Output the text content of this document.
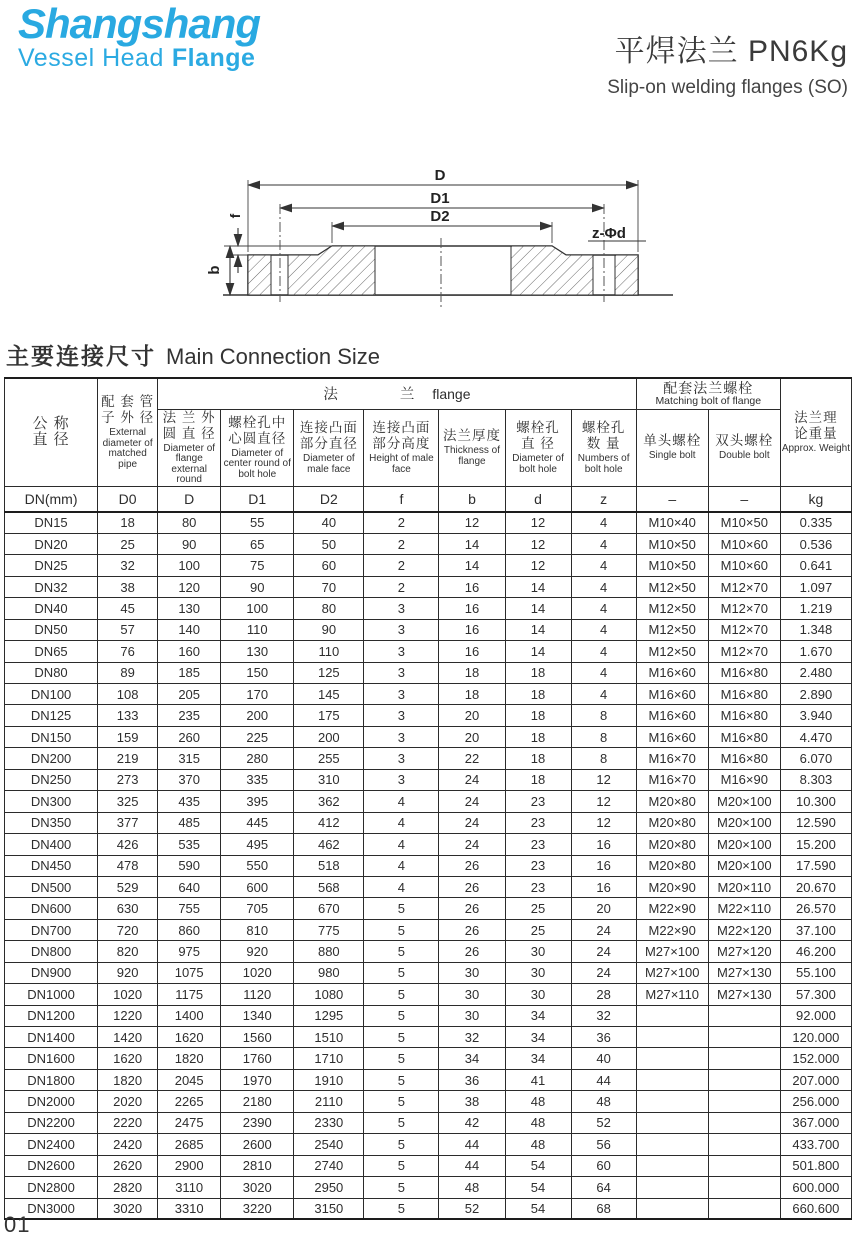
Shangshang
Vessel Head Flange	平焊法兰 PN6Kg
Slip-on welding flanges (SO)
D
D1
D2
f
b
z-Φd
主要连接尺寸 Main Connection Size
公 称
直 径

配 套 管
子 外 径
External diameter of matched pipe
	法	兰 flange	配套法兰螺栓
Matching bolt of flange

法兰理
论重量
Approx. Weight

法 兰 外
圆 直 径
Diameter of flange external round

螺栓孔中
心圆直径
Diameter of center round of bolt hole

连接凸面
部分直径
Diameter of male face

连接凸面
部分高度
Height of male face

法兰厚度
Thickness of flange

螺栓孔
直 径
Diameter of bolt hole

螺栓孔
数 量
Numbers of bolt hole

单头螺栓
Single bolt

双头螺栓
Double bolt

DN(mm)	D0	D	D1	D2	f	b	d	z	–	–	kg
DN15	18	80	55	40	2	12	12	4	M10×40	M10×50	0.335
DN20	25	90	65	50	2	14	12	4	M10×50	M10×60	0.536
DN25	32	100	75	60	2	14	12	4	M10×50	M10×60	0.641
DN32	38	120	90	70	2	16	14	4	M12×50	M12×70	1.097
DN40	45	130	100	80	3	16	14	4	M12×50	M12×70	1.219
DN50	57	140	110	90	3	16	14	4	M12×50	M12×70	1.348
DN65	76	160	130	110	3	16	14	4	M12×50	M12×70	1.670
DN80	89	185	150	125	3	18	18	4	M16×60	M16×80	2.480
DN100	108	205	170	145	3	18	18	4	M16×60	M16×80	2.890
DN125	133	235	200	175	3	20	18	8	M16×60	M16×80	3.940
DN150	159	260	225	200	3	20	18	8	M16×60	M16×80	4.470
DN200	219	315	280	255	3	22	18	8	M16×70	M16×80	6.070
DN250	273	370	335	310	3	24	18	12	M16×70	M16×90	8.303
DN300	325	435	395	362	4	24	23	12	M20×80	M20×100	10.300
DN350	377	485	445	412	4	24	23	12	M20×80	M20×100	12.590
DN400	426	535	495	462	4	24	23	16	M20×80	M20×100	15.200
DN450	478	590	550	518	4	26	23	16	M20×80	M20×100	17.590
DN500	529	640	600	568	4	26	23	16	M20×90	M20×110	20.670
DN600	630	755	705	670	5	26	25	20	M22×90	M22×110	26.570
DN700	720	860	810	775	5	26	25	24	M22×90	M22×120	37.100
DN800	820	975	920	880	5	26	30	24	M27×100	M27×120	46.200
DN900	920	1075	1020	980	5	30	30	24	M27×100	M27×130	55.100
DN1000	1020	1175	1120	1080	5	30	30	28	M27×110	M27×130	57.300
DN1200	1220	1400	1340	1295	5	30	34	32			92.000
DN1400	1420	1620	1560	1510	5	32	34	36			120.000
DN1600	1620	1820	1760	1710	5	34	34	40			152.000
DN1800	1820	2045	1970	1910	5	36	41	44			207.000
DN2000	2020	2265	2180	2110	5	38	48	48			256.000
DN2200	2220	2475	2390	2330	5	42	48	52			367.000
DN2400	2420	2685	2600	2540	5	44	48	56			433.700
DN2600	2620	2900	2810	2740	5	44	54	60			501.800
DN2800	2820	3110	3020	2950	5	48	54	64			600.000
DN3000	3020	3310	3220	3150	5	52	54	68			660.600
01
